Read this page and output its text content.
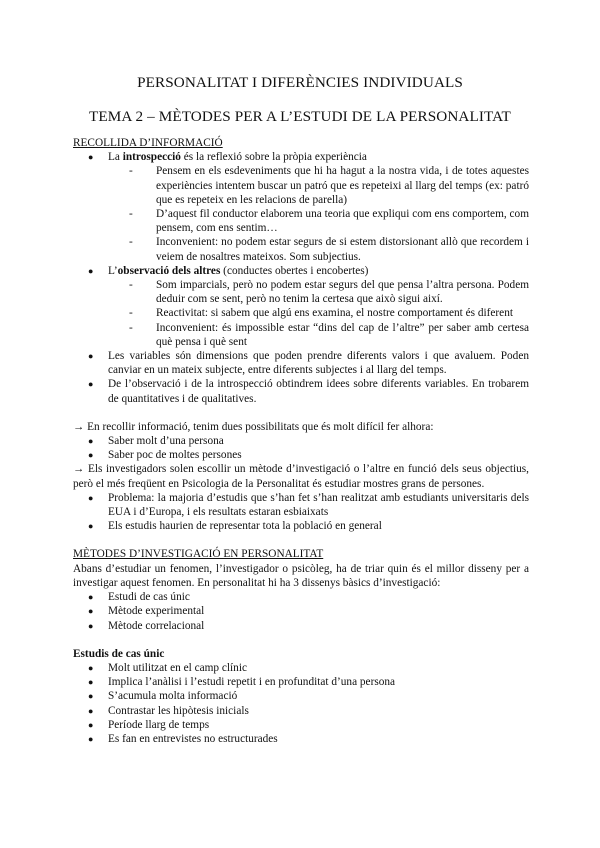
PERSONALITAT I DIFERÈNCIES INDIVIDUALS
TEMA 2 – MÈTODES PER A L’ESTUDI DE LA PERSONALITAT
RECOLLIDA D’INFORMACIÓ
● La introspecció és la reflexió sobre la pròpia experiència
- Pensem en els esdeveniments que hi ha hagut a la nostra vida, i de totes aquestes experiències intentem buscar un patró que es repeteixi al llarg del temps (ex: patró que es repeteix en les relacions de parella)
- D’aquest fil conductor elaborem una teoria que expliqui com ens comportem, com pensem, com ens sentim…
- Inconvenient: no podem estar segurs de si estem distorsionant allò que recordem i veiem de nosaltres mateixos. Som subjectius.
● L’observació dels altres (conductes obertes i encobertes)
- Som imparcials, però no podem estar segurs del que pensa l’altra persona. Podem deduir com se sent, però no tenim la certesa que això sigui així.
- Reactivitat: si sabem que algú ens examina, el nostre comportament és diferent
- Inconvenient: és impossible estar “dins del cap de l’altre” per saber amb certesa què pensa i què sent
● Les variables són dimensions que poden prendre diferents valors i que avaluem. Poden canviar en un mateix subjecte, entre diferents subjectes i al llarg del temps.
● De l’observació i de la introspecció obtindrem idees sobre diferents variables. En trobarem de quantitatives i de qualitatives.

→ En recollir informació, tenim dues possibilitats que és molt difícil fer alhora:

● Saber molt d’una persona
● Saber poc de moltes persones

→ Els investigadors solen escollir un mètode d’investigació o l’altre en funció dels seus objectius, però el més freqüent en Psicologia de la Personalitat és estudiar mostres grans de persones.

● Problema: la majoria d’estudis que s’han fet s’han realitzat amb estudiants universitaris dels EUA i d’Europa, i els resultats estaran esbiaixats
● Els estudis haurien de representar tota la població en general
MÈTODES D’INVESTIGACIÓ EN PERSONALITAT

Abans d’estudiar un fenomen, l’investigador o psicòleg, ha de triar quin és el millor disseny per a investigar aquest fenomen. En personalitat hi ha 3 dissenys bàsics d’investigació:

● Estudi de cas únic
● Mètode experimental
● Mètode correlacional
Estudis de cas únic
● Molt utilitzat en el camp clínic
● Implica l’anàlisi i l’estudi repetit i en profunditat d’una persona
● S’acumula molta informació
● Contrastar les hipòtesis inicials
● Període llarg de temps
● Es fan en entrevistes no estructurades
